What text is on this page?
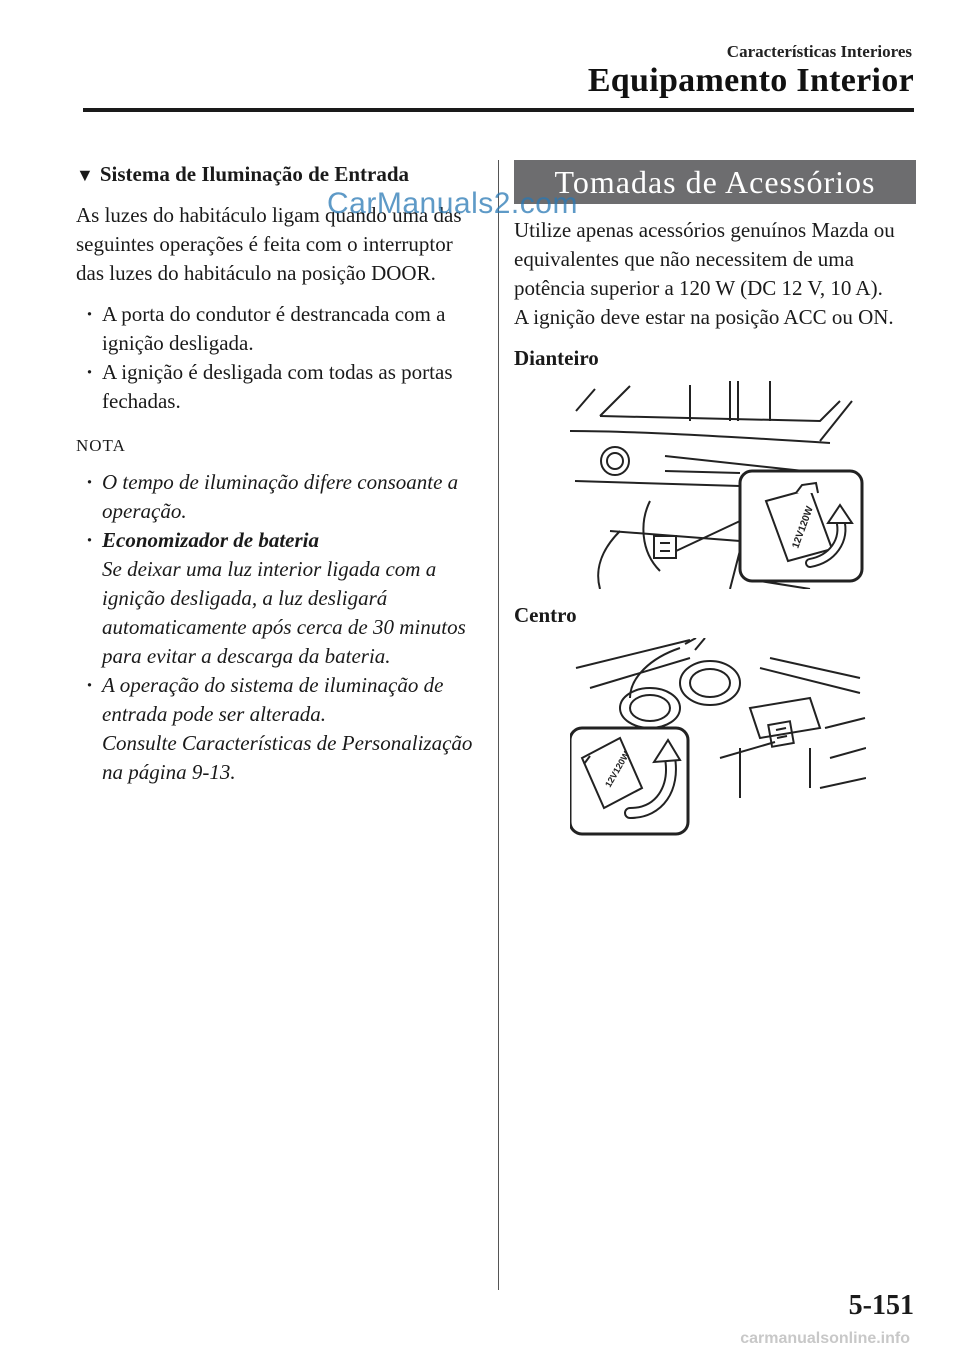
Características Interiores
Equipamento Interior
▼ Sistema de Iluminação de Entrada

As luzes do habitáculo ligam quando uma das seguintes operações é feita com o interruptor das luzes do habitáculo na posição DOOR.

· A porta do condutor é destrancada com a ignição desligada.
· A ignição é desligada com todas as portas fechadas.
NOTA
· O tempo de iluminação difere consoante a operação.
· Economizador de bateria
Se deixar uma luz interior ligada com a ignição desligada, a luz desligará automaticamente após cerca de 30 minutos para evitar a descarga da bateria.
· A operação do sistema de iluminação de entrada pode ser alterada.
Consulte Características de Personalização na página 9-13.
Tomadas de Acessórios

Utilize apenas acessórios genuínos Mazda ou equivalentes que não necessitem de uma potência superior a 120 W (DC 12 V, 10 A).

A ignição deve estar na posição ACC ou ON.

Dianteiro
12V120W
Centro
12V120W
CarManuals2.com
5-151
carmanualsonline.info
